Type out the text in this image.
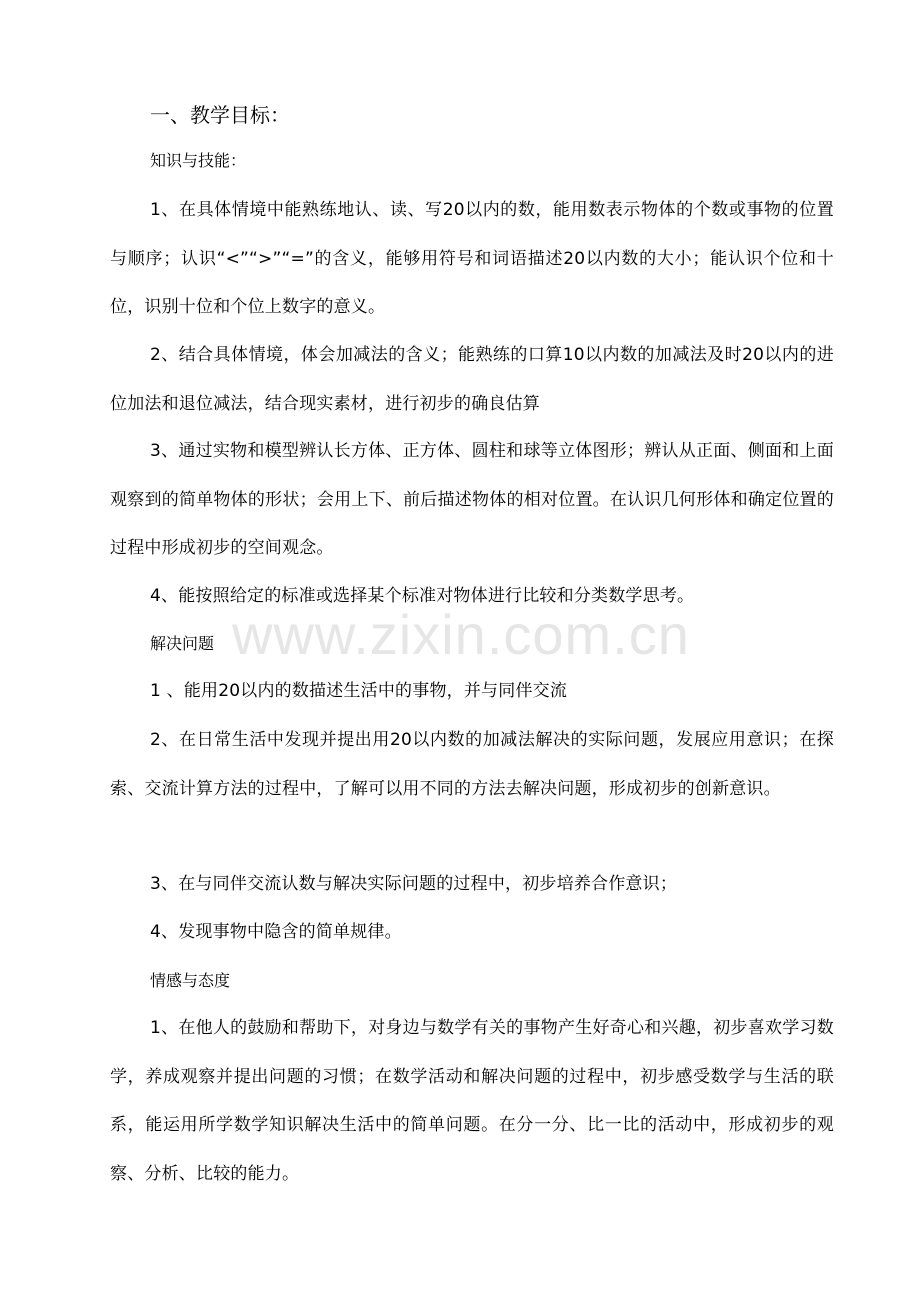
一、教学目标：
知识与技能：
1、在具体情境中能熟练地认、读、写20以内的数，能用数表示物体的个数或事物的位置与顺序；认识“<”“>”“=”的含义，能够用符号和词语描述20以内数的大小；能认识个位和十位，识别十位和个位上数字的意义。
2、结合具体情境，体会加减法的含义；能熟练的口算10以内数的加减法及时20以内的进位加法和退位减法，结合现实素材，进行初步的确良估算
3、通过实物和模型辨认长方体、正方体、圆柱和球等立体图形；辨认从正面、侧面和上面观察到的简单物体的形状；会用上下、前后描述物体的相对位置。在认识几何形体和确定位置的过程中形成初步的空间观念。
4、能按照给定的标准或选择某个标准对物体进行比较和分类数学思考。
解决问题
1 、能用20以内的数描述生活中的事物，并与同伴交流
2、在日常生活中发现并提出用20以内数的加减法解决的实际问题，发展应用意识；在探索、交流计算方法的过程中，了解可以用不同的方法去解决问题，形成初步的创新意识。
3、在与同伴交流认数与解决实际问题的过程中，初步培养合作意识；
4、发现事物中隐含的简单规律。
情感与态度
1、在他人的鼓励和帮助下，对身边与数学有关的事物产生好奇心和兴趣，初步喜欢学习数学，养成观察并提出问题的习惯；在数学活动和解决问题的过程中，初步感受数学与生活的联系，能运用所学数学知识解决生活中的简单问题。在分一分、比一比的活动中，形成初步的观察、分析、比较的能力。
www.zixin.com.cn
